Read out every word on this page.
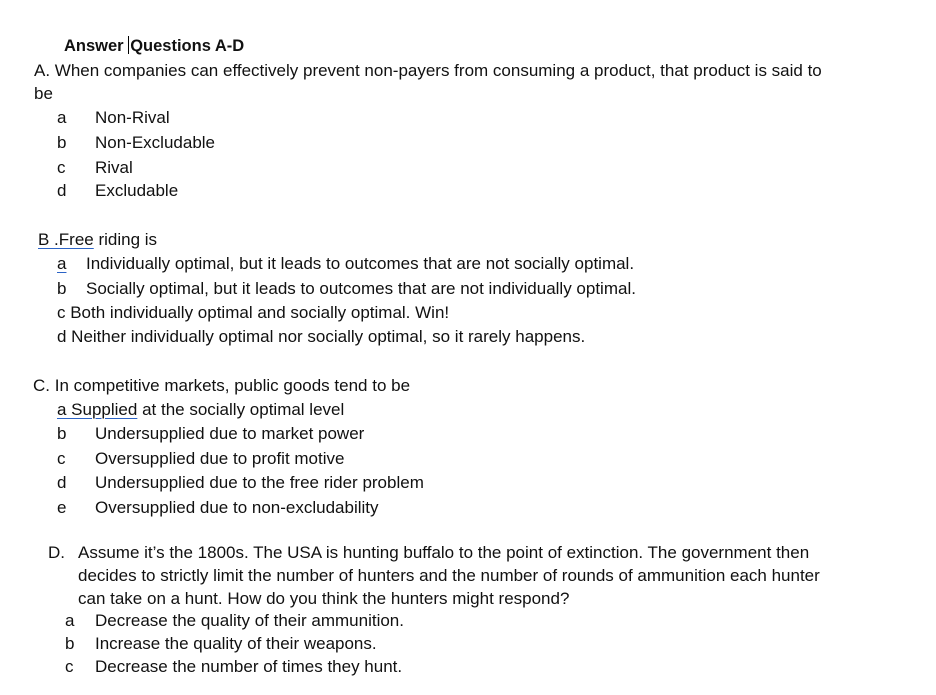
Answer Questions A-D
A. When companies can effectively prevent non-payers from consuming a product, that product is said to
be
a Non-Rival
b Non-Excludable
c Rival
d Excludable
B .Free riding is
a Individually optimal, but it leads to outcomes that are not socially optimal.
b Socially optimal, but it leads to outcomes that are not individually optimal.
c Both individually optimal and socially optimal. Win!
d Neither individually optimal nor socially optimal, so it rarely happens.
C. In competitive markets, public goods tend to be
a Supplied at the socially optimal level
b Undersupplied due to market power
c Oversupplied due to profit motive
d Undersupplied due to the free rider problem
e Oversupplied due to non-excludability
D. Assume it’s the 1800s. The USA is hunting buffalo to the point of extinction. The government then
decides to strictly limit the number of hunters and the number of rounds of ammunition each hunter
can take on a hunt. How do you think the hunters might respond?
a Decrease the quality of their ammunition.
b Increase the quality of their weapons.
c Decrease the number of times they hunt.
